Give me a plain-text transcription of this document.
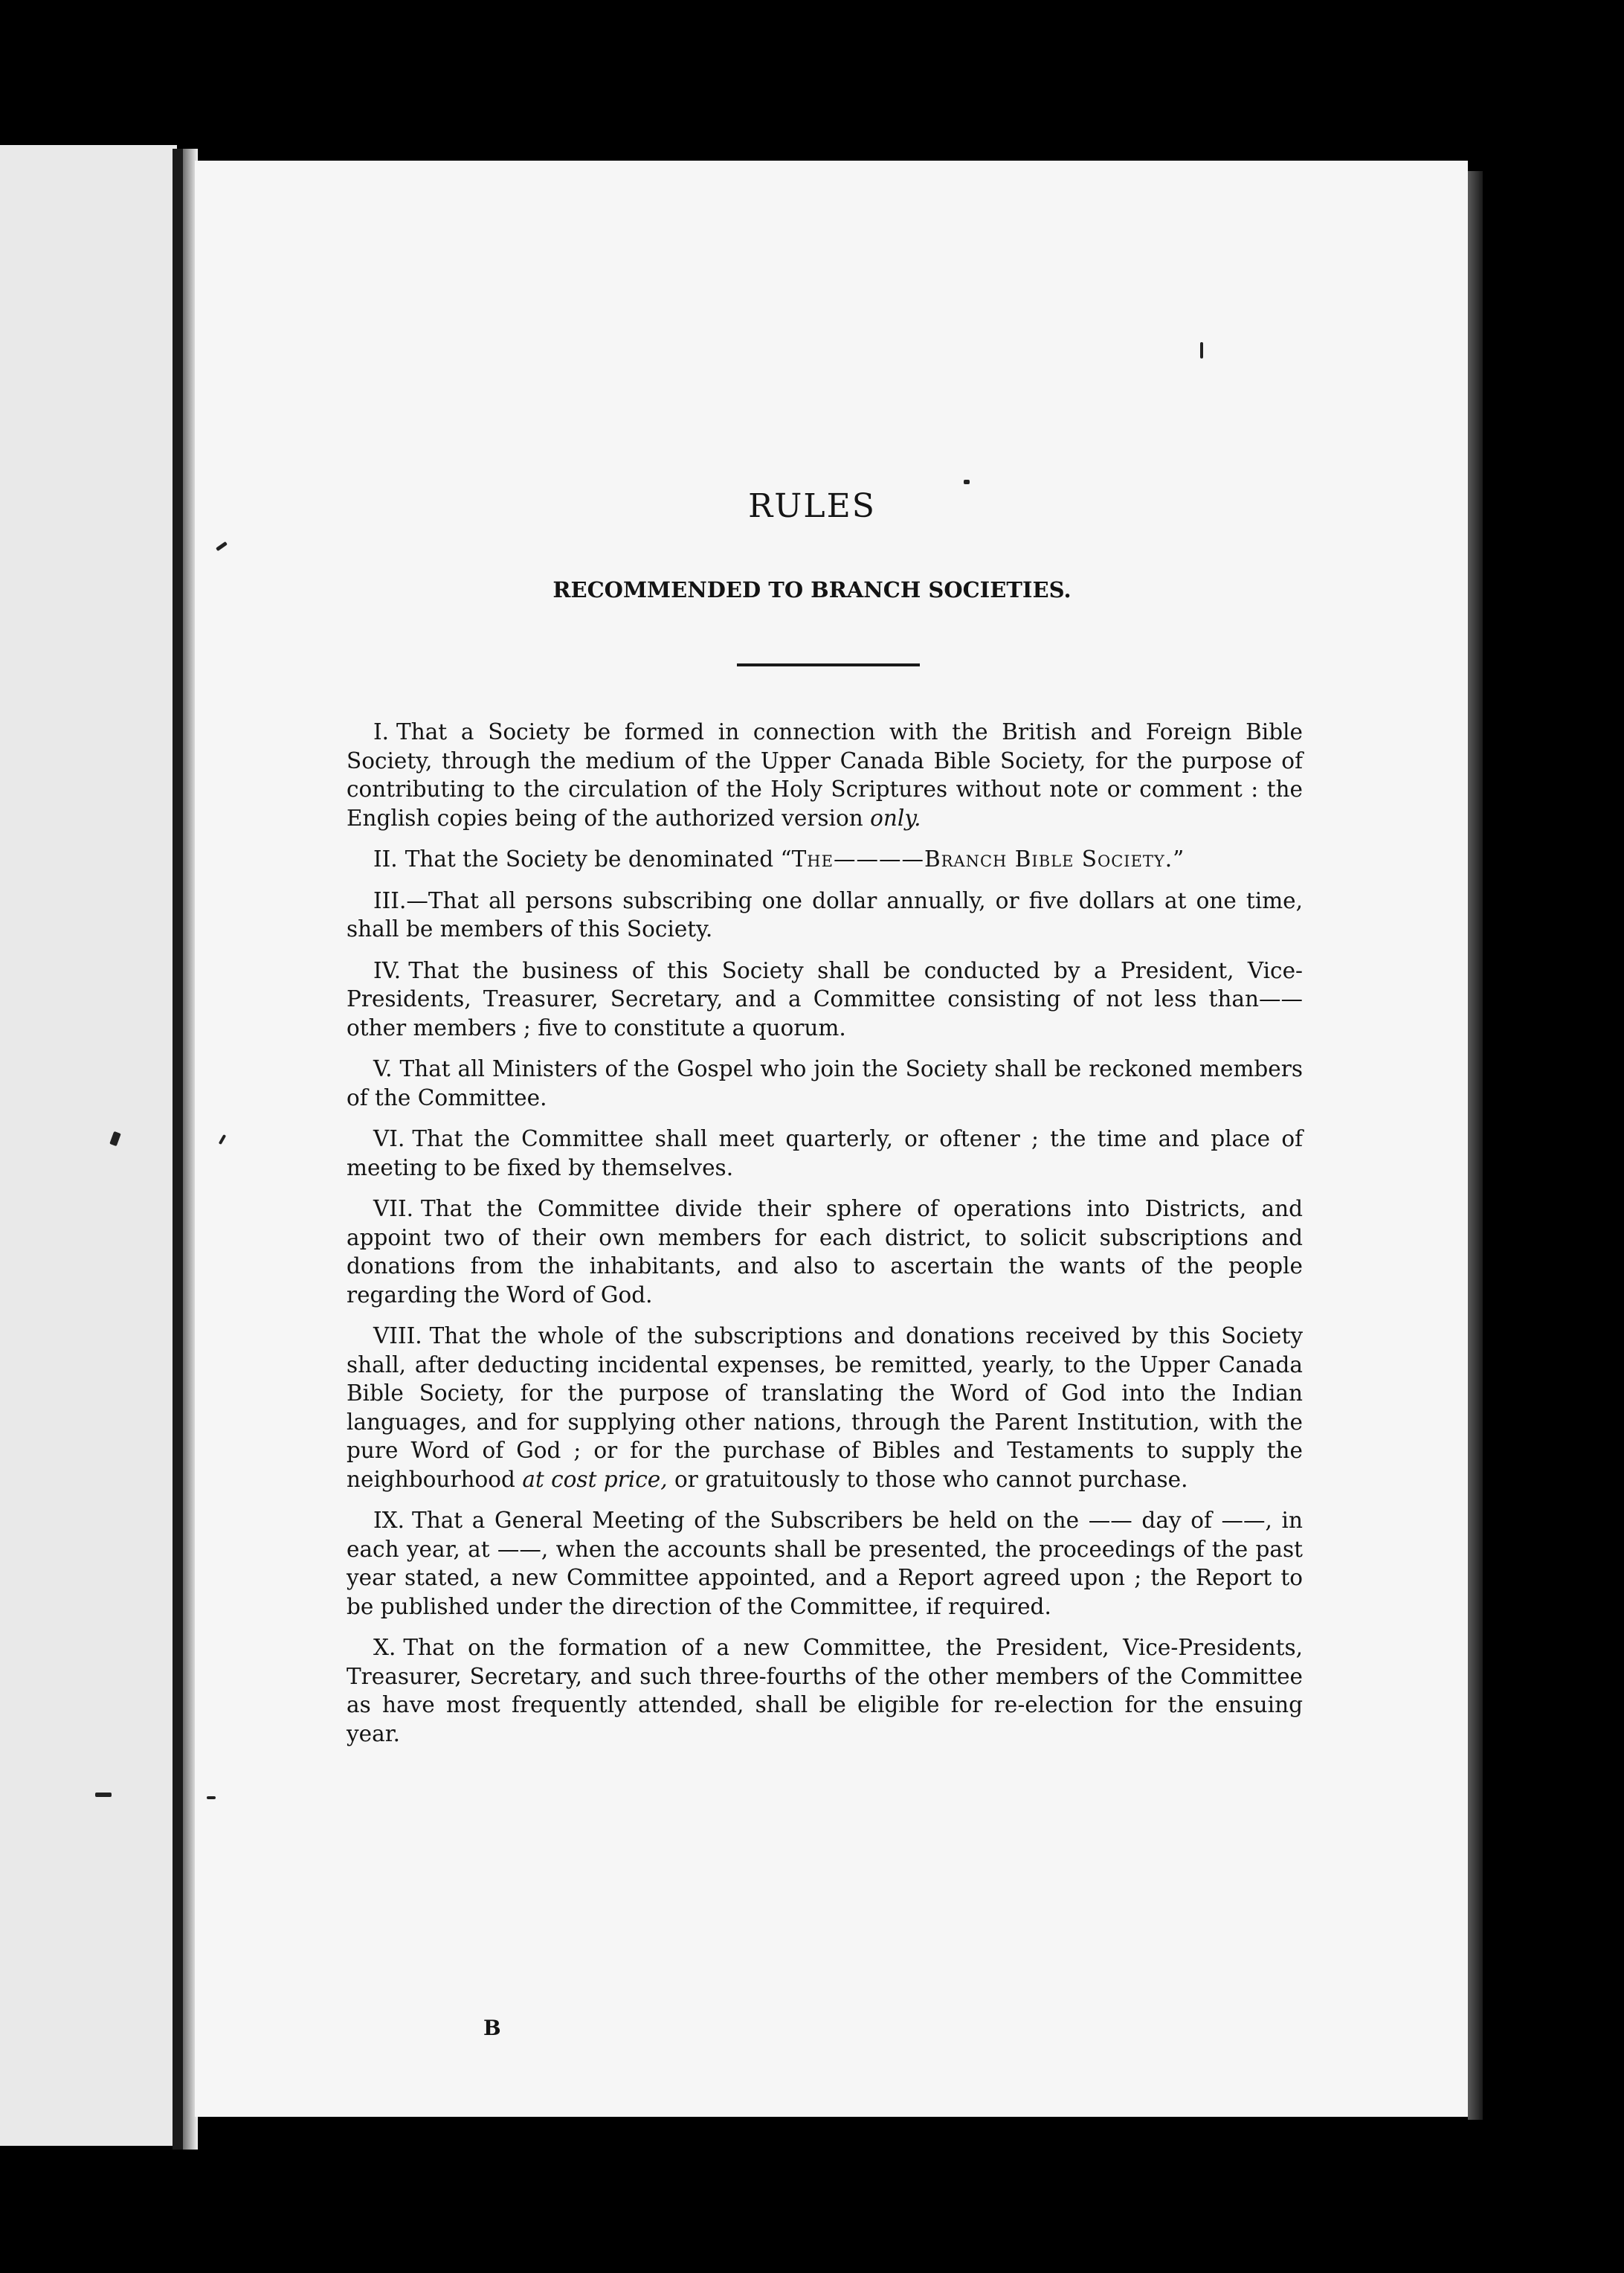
RULES
RECOMMENDED TO BRANCH SOCIETIES.

I. That a Society be formed in connection with the British and Foreign Bible Society, through the medium of the Upper Canada Bible Society, for the purpose of contributing to the circulation of the Holy Scriptures without note or comment : the English copies being of the authorized version only.

II. That the Society be denominated “The————Branch Bible Society.”

III.—That all persons subscribing one dollar annually, or five dollars at one time, shall be members of this Society.

IV. That the business of this Society shall be conducted by a President, Vice-Presidents, Treasurer, Secretary, and a Committee consisting of not less than——other members ; five to constitute a quorum.

V. That all Ministers of the Gospel who join the Society shall be reckoned members of the Committee.

VI. That the Committee shall meet quarterly, or oftener ; the time and place of meeting to be fixed by themselves.

VII. That the Committee divide their sphere of operations into Districts, and appoint two of their own members for each district, to solicit subscriptions and donations from the inhabitants, and also to ascertain the wants of the people regarding the Word of God.

VIII. That the whole of the subscriptions and donations received by this Society shall, after deducting incidental expenses, be remitted, yearly, to the Upper Canada Bible Society, for the purpose of translating the Word of God into the Indian languages, and for supplying other nations, through the Parent Institution, with the pure Word of God ; or for the purchase of Bibles and Testaments to supply the neighbourhood at cost price, or gratuitously to those who cannot purchase.

IX. That a General Meeting of the Subscribers be held on the —— day of ——, in each year, at ——, when the accounts shall be presented, the proceedings of the past year stated, a new Committee appointed, and a Report agreed upon ; the Report to be published under the direction of the Committee, if required.

X. That on the formation of a new Committee, the President, Vice-Presidents, Treasurer, Secretary, and such three-fourths of the other members of the Committee as have most frequently attended, shall be eligible for re-election for the ensuing year.

B
